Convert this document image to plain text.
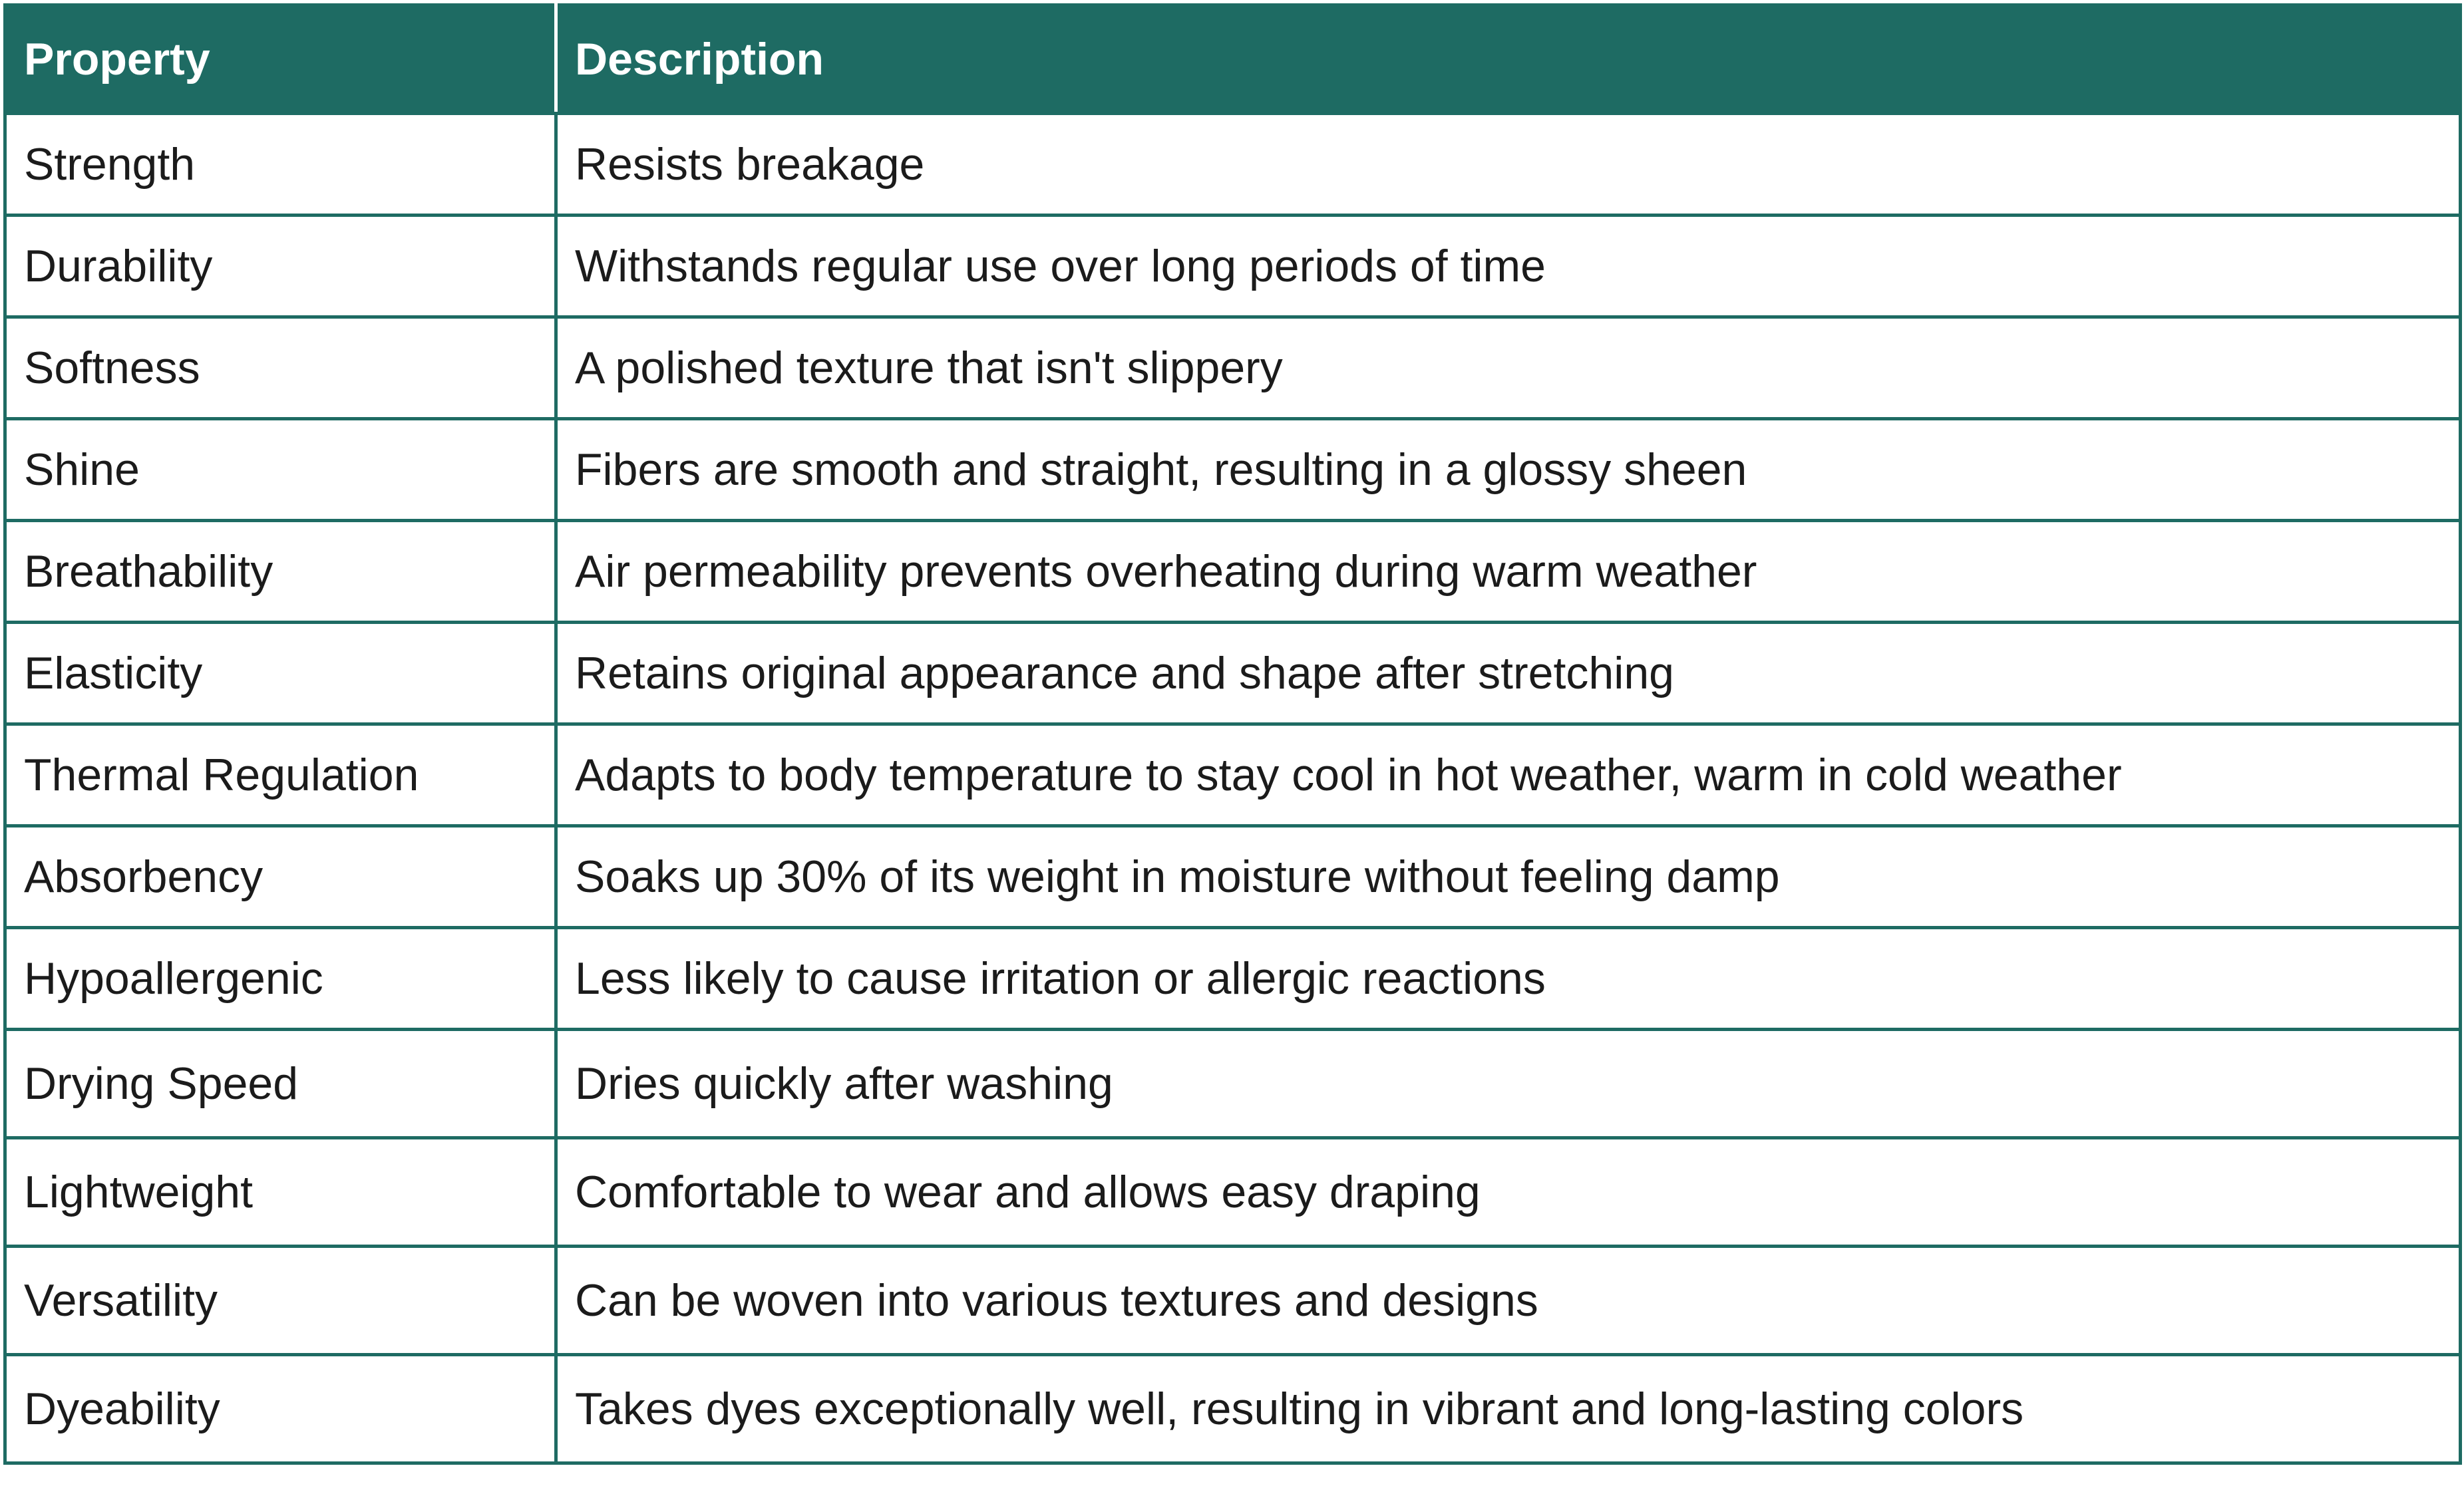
Property	Description
Strength	Resists breakage
Durability	Withstands regular use over long periods of time
Softness	A polished texture that isn't slippery
Shine	Fibers are smooth and straight, resulting in a glossy sheen
Breathability	Air permeability prevents overheating during warm weather
Elasticity	Retains original appearance and shape after stretching
Thermal Regulation	Adapts to body temperature to stay cool in hot weather, warm in cold weather
Absorbency	Soaks up 30% of its weight in moisture without feeling damp
Hypoallergenic	Less likely to cause irritation or allergic reactions
Drying Speed	Dries quickly after washing
Lightweight	Comfortable to wear and allows easy draping
Versatility	Can be woven into various textures and designs
Dyeability	Takes dyes exceptionally well, resulting in vibrant and long-lasting colors
